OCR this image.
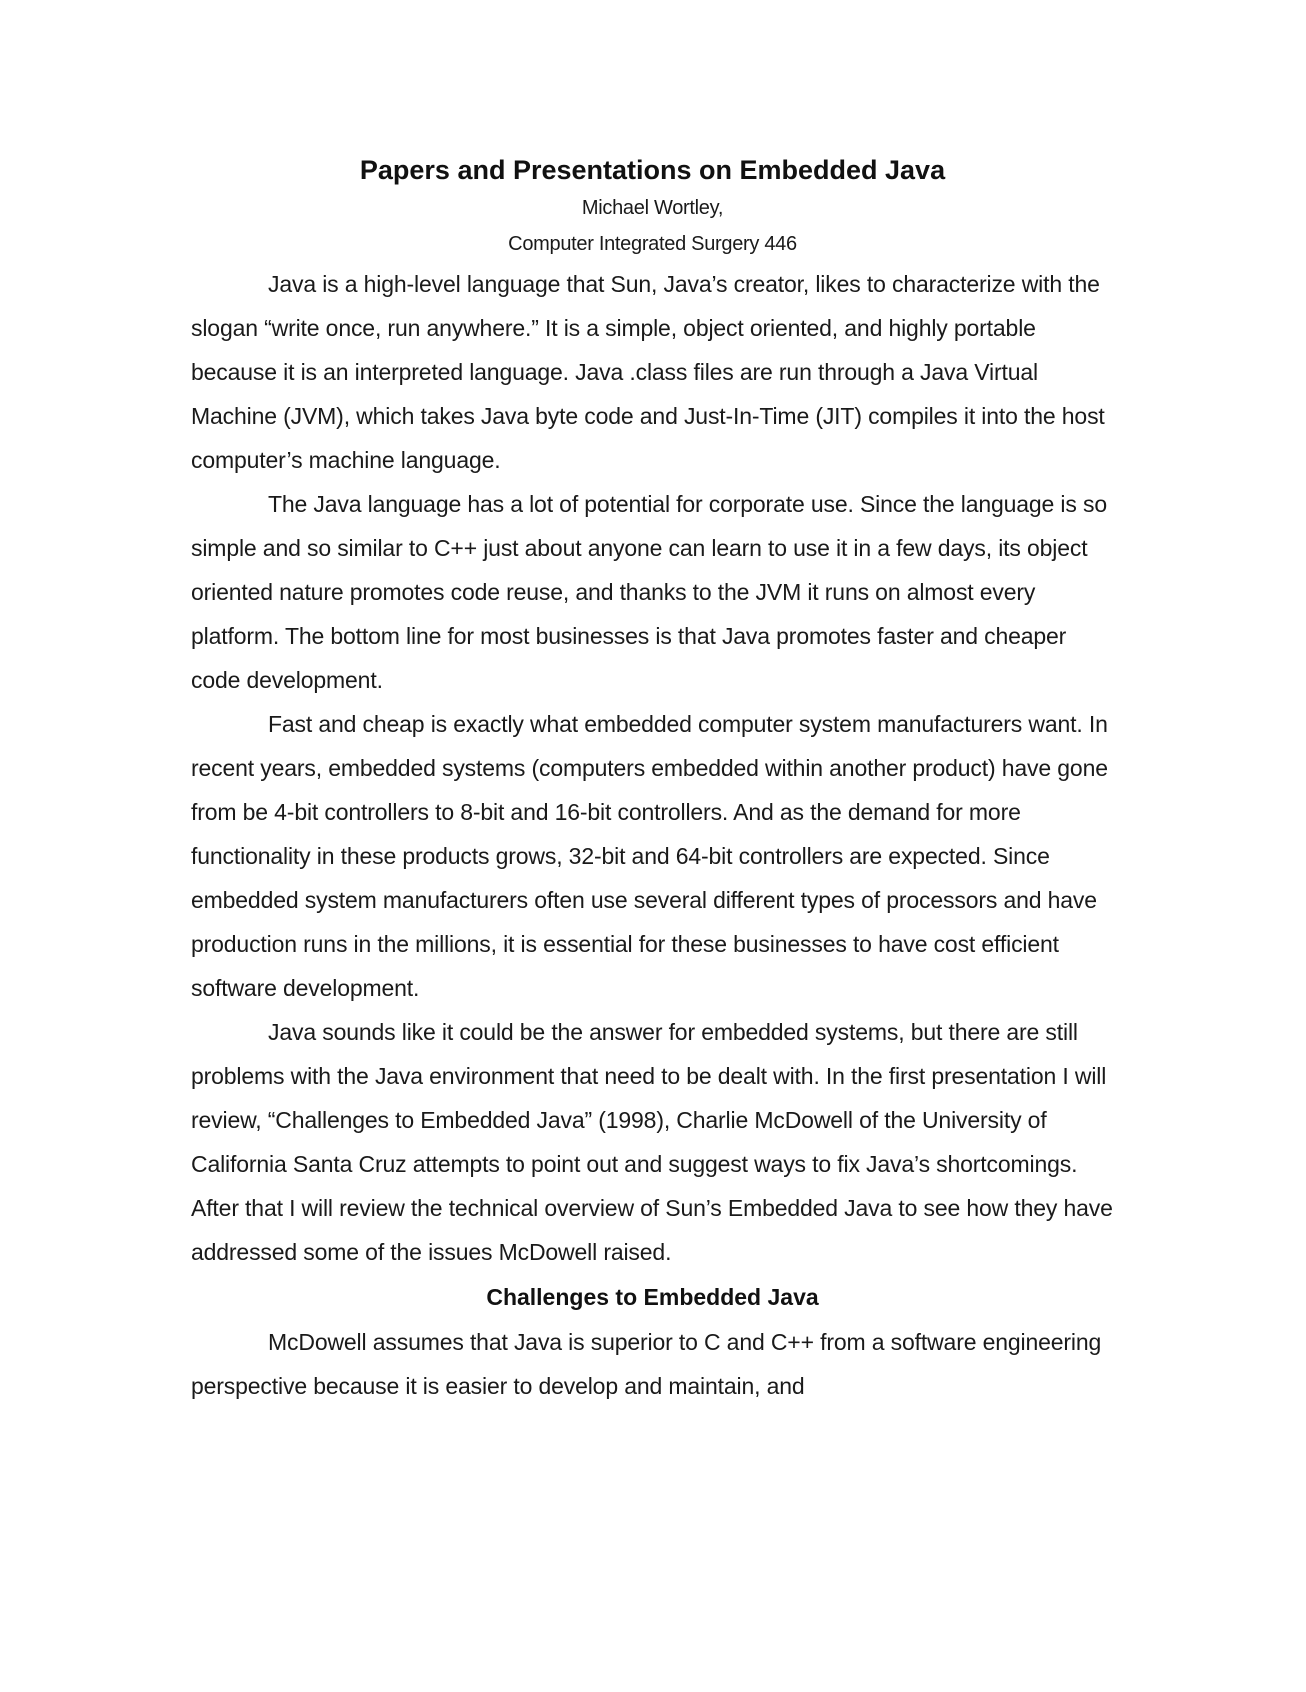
Papers and Presentations on Embedded Java

Michael Wortley,

Computer Integrated Surgery 446

Java is a high-level language that Sun, Java’s creator, likes to characterize with the slogan “write once, run anywhere.” It is a simple, object oriented, and highly portable because it is an interpreted language. Java .class files are run through a Java Virtual Machine (JVM), which takes Java byte code and Just-In-Time (JIT) compiles it into the host computer’s machine language.

The Java language has a lot of potential for corporate use. Since the language is so simple and so similar to C++ just about anyone can learn to use it in a few days, its object oriented nature promotes code reuse, and thanks to the JVM it runs on almost every platform. The bottom line for most businesses is that Java promotes faster and cheaper code development.

Fast and cheap is exactly what embedded computer system manufacturers want. In recent years, embedded systems (computers embedded within another product) have gone from be 4-bit controllers to 8-bit and 16-bit controllers. And as the demand for more functionality in these products grows, 32-bit and 64-bit controllers are expected. Since embedded system manufacturers often use several different types of processors and have production runs in the millions, it is essential for these businesses to have cost efficient software development.

Java sounds like it could be the answer for embedded systems, but there are still problems with the Java environment that need to be dealt with. In the first presentation I will review, “Challenges to Embedded Java” (1998), Charlie McDowell of the University of California Santa Cruz attempts to point out and suggest ways to fix Java’s shortcomings. After that I will review the technical overview of Sun’s Embedded Java to see how they have addressed some of the issues McDowell raised.

Challenges to Embedded Java

McDowell assumes that Java is superior to C and C++ from a software engineering perspective because it is easier to develop and maintain, and
